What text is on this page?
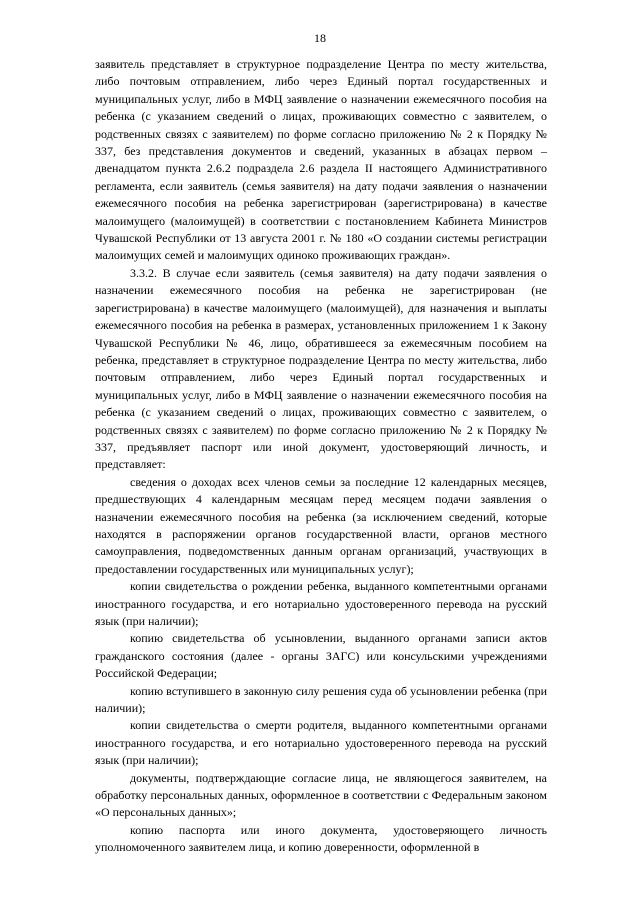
18

заявитель представляет в структурное подразделение Центра по месту жительства, либо почтовым отправлением, либо через Единый портал государственных и муниципальных услуг, либо в МФЦ заявление о назначении ежемесячного пособия на ребенка (с указанием сведений о лицах, проживающих совместно с заявителем, о родственных связях с заявителем) по форме согласно приложению № 2 к Порядку № 337, без представления документов и сведений, указанных в абзацах первом – двенадцатом пункта 2.6.2 подраздела 2.6 раздела II настоящего Административного регламента, если заявитель (семья заявителя) на дату подачи заявления о назначении ежемесячного пособия на ребенка зарегистрирован (зарегистрирована) в качестве малоимущего (малоимущей) в соответствии с постановлением Кабинета Министров Чувашской Республики от 13 августа 2001 г. № 180 «О создании системы регистрации малоимущих семей и малоимущих одиноко проживающих граждан».

3.3.2. В случае если заявитель (семья заявителя) на дату подачи заявления о назначении ежемесячного пособия на ребенка не зарегистрирован (не зарегистрирована) в качестве малоимущего (малоимущей), для назначения и выплаты ежемесячного пособия на ребенка в размерах, установленных приложением 1 к Закону Чувашской Республики № 46, лицо, обратившееся за ежемесячным пособием на ребенка, представляет в структурное подразделение Центра по месту жительства, либо почтовым отправлением, либо через Единый портал государственных и муниципальных услуг, либо в МФЦ заявление о назначении ежемесячного пособия на ребенка (с указанием сведений о лицах, проживающих совместно с заявителем, о родственных связях с заявителем) по форме согласно приложению № 2 к Порядку № 337, предъявляет паспорт или иной документ, удостоверяющий личность, и представляет:

сведения о доходах всех членов семьи за последние 12 календарных месяцев, предшествующих 4 календарным месяцам перед месяцем подачи заявления о назначении ежемесячного пособия на ребенка (за исключением сведений, которые находятся в распоряжении органов государственной власти, органов местного самоуправления, подведомственных данным органам организаций, участвующих в предоставлении государственных или муниципальных услуг);

копии свидетельства о рождении ребенка, выданного компетентными органами иностранного государства, и его нотариально удостоверенного перевода на русский язык (при наличии);

копию свидетельства об усыновлении, выданного органами записи актов гражданского состояния (далее - органы ЗАГС) или консульскими учреждениями Российской Федерации;

копию вступившего в законную силу решения суда об усыновлении ребенка (при наличии);

копии свидетельства о смерти родителя, выданного компетентными органами иностранного государства, и его нотариально удостоверенного перевода на русский язык (при наличии);

документы, подтверждающие согласие лица, не являющегося заявителем, на обработку персональных данных, оформленное в соответствии с Федеральным законом «О персональных данных»;

копию паспорта или иного документа, удостоверяющего личность уполномоченного заявителем лица, и копию доверенности, оформленной в
